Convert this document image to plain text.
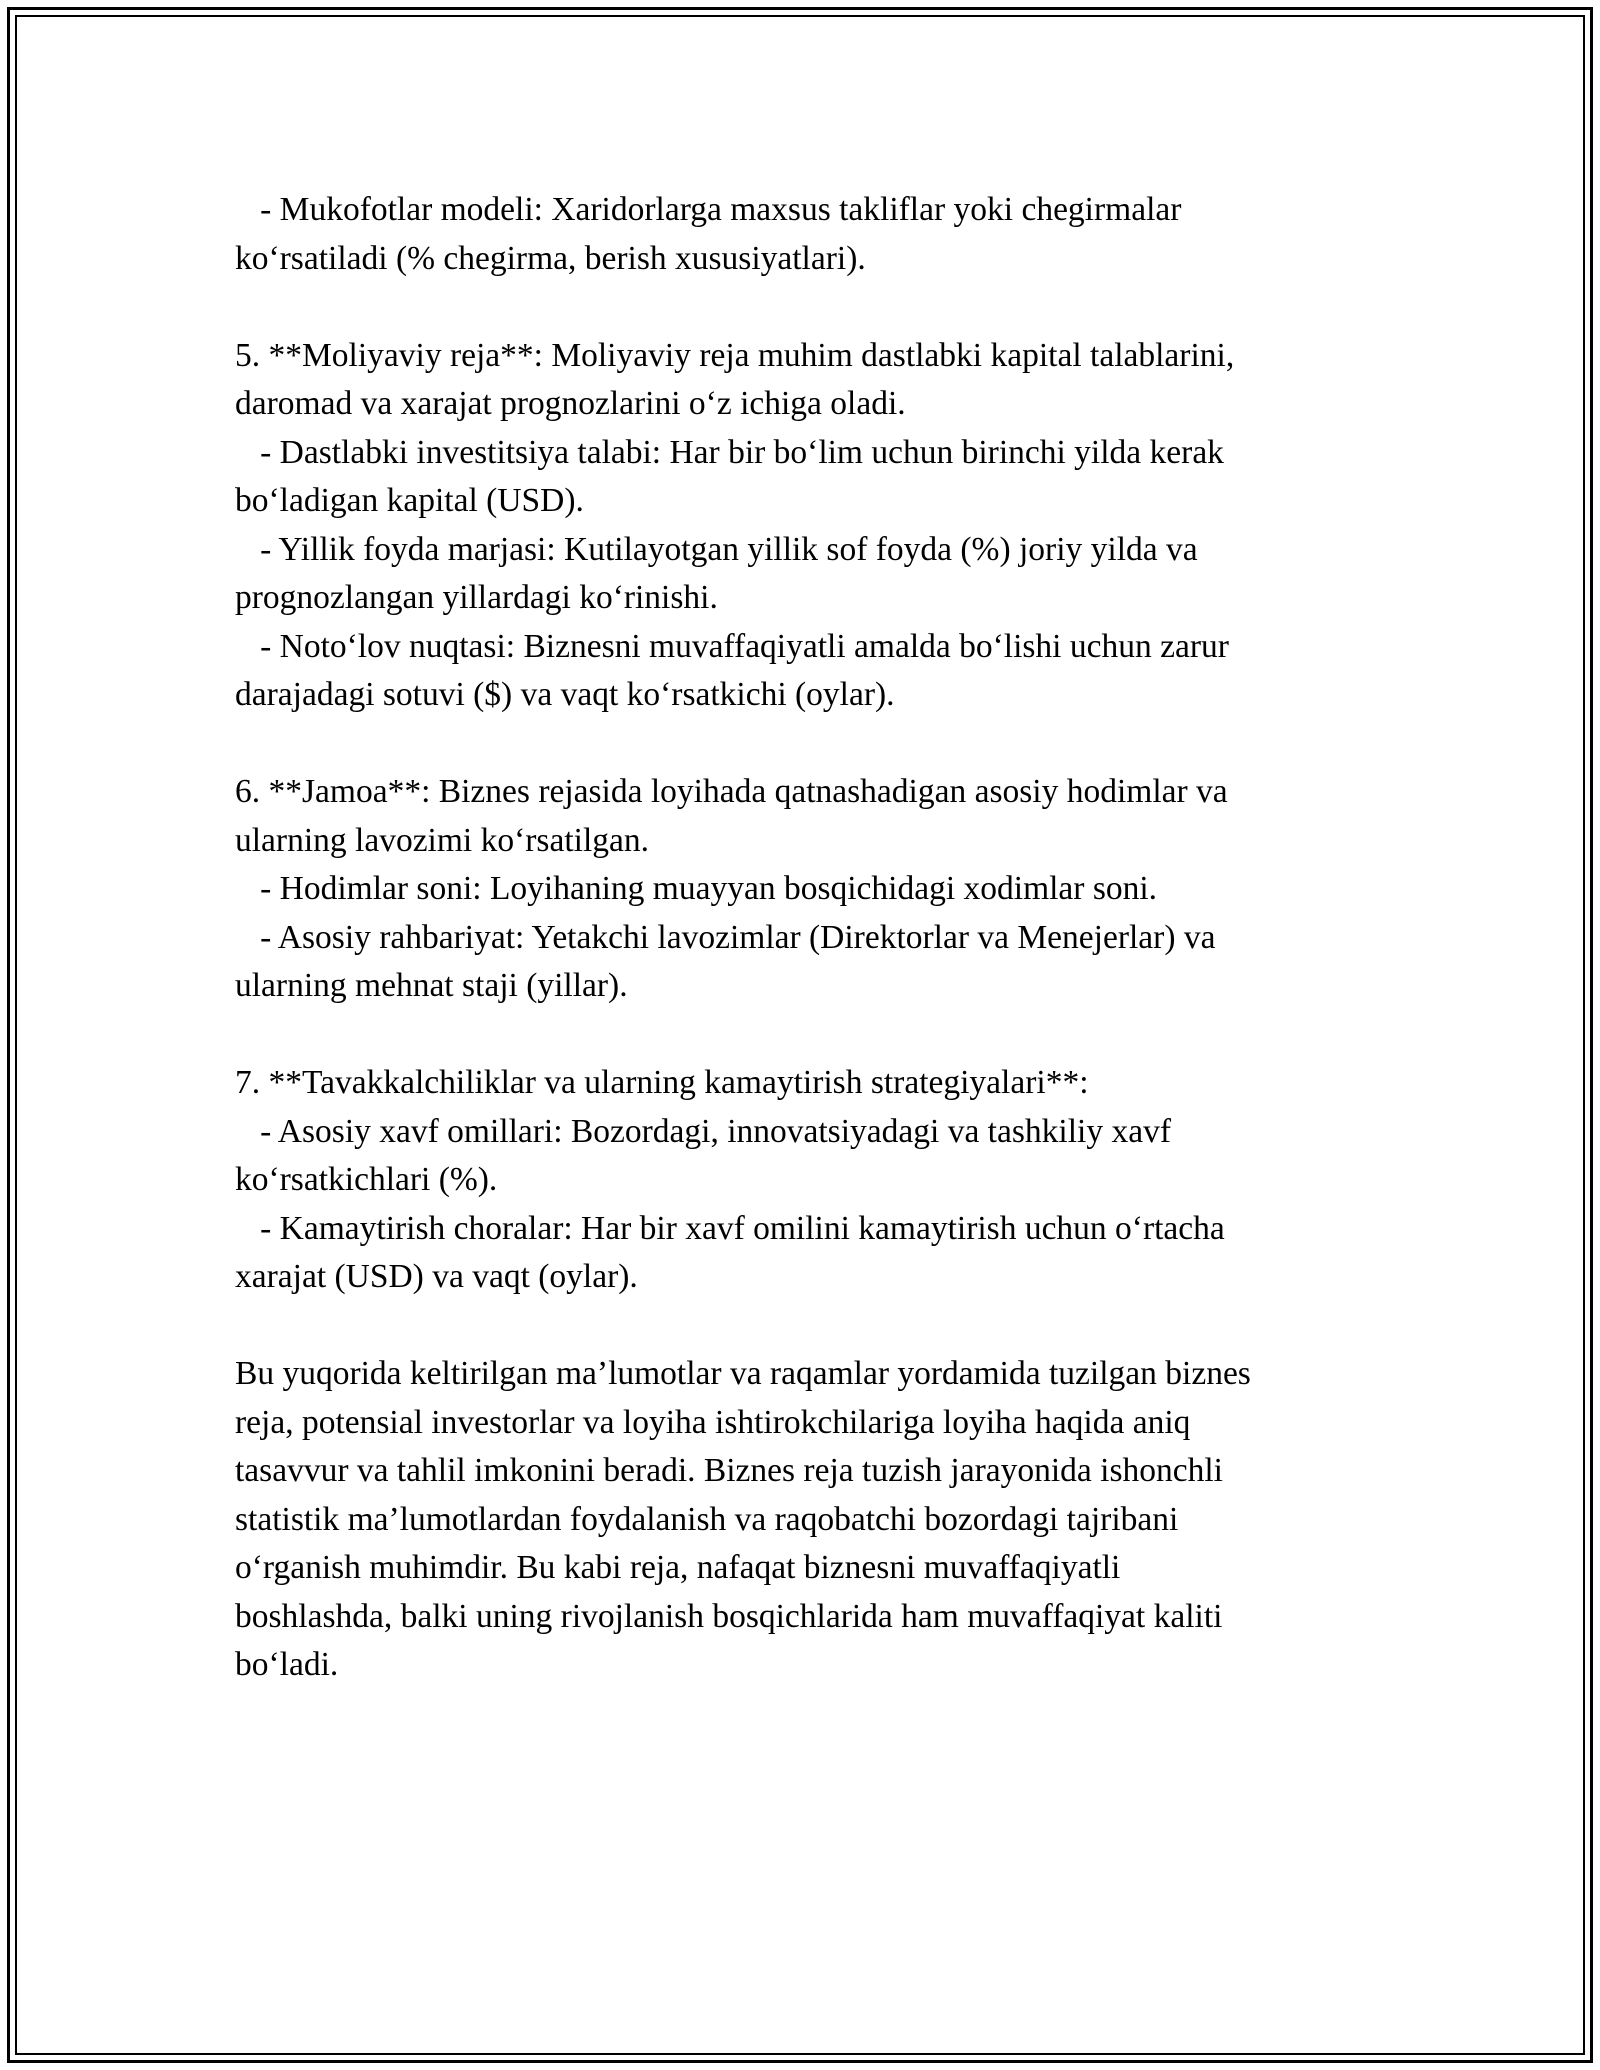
- Mukofotlar modeli: Xaridorlarga maxsus takliflar yoki chegirmalar
ko‘rsatiladi (% chegirma, berish xususiyatlari).
5. **Moliyaviy reja**: Moliyaviy reja muhim dastlabki kapital talablarini,
daromad va xarajat prognozlarini o‘z ichiga oladi.
- Dastlabki investitsiya talabi: Har bir bo‘lim uchun birinchi yilda kerak
bo‘ladigan kapital (USD).
- Yillik foyda marjasi: Kutilayotgan yillik sof foyda (%) joriy yilda va
prognozlangan yillardagi ko‘rinishi.
- Noto‘lov nuqtasi: Biznesni muvaffaqiyatli amalda bo‘lishi uchun zarur
darajadagi sotuvi ($) va vaqt ko‘rsatkichi (oylar).
6. **Jamoa**: Biznes rejasida loyihada qatnashadigan asosiy hodimlar va
ularning lavozimi ko‘rsatilgan.
- Hodimlar soni: Loyihaning muayyan bosqichidagi xodimlar soni.
- Asosiy rahbariyat: Yetakchi lavozimlar (Direktorlar va Menejerlar) va
ularning mehnat staji (yillar).
7. **Tavakkalchiliklar va ularning kamaytirish strategiyalari**:
- Asosiy xavf omillari: Bozordagi, innovatsiyadagi va tashkiliy xavf
ko‘rsatkichlari (%).
- Kamaytirish choralar: Har bir xavf omilini kamaytirish uchun o‘rtacha
xarajat (USD) va vaqt (oylar).
Bu yuqorida keltirilgan ma’lumotlar va raqamlar yordamida tuzilgan biznes
reja, potensial investorlar va loyiha ishtirokchilariga loyiha haqida aniq
tasavvur va tahlil imkonini beradi. Biznes reja tuzish jarayonida ishonchli
statistik ma’lumotlardan foydalanish va raqobatchi bozordagi tajribani
o‘rganish muhimdir. Bu kabi reja, nafaqat biznesni muvaffaqiyatli
boshlashda, balki uning rivojlanish bosqichlarida ham muvaffaqiyat kaliti
bo‘ladi.
